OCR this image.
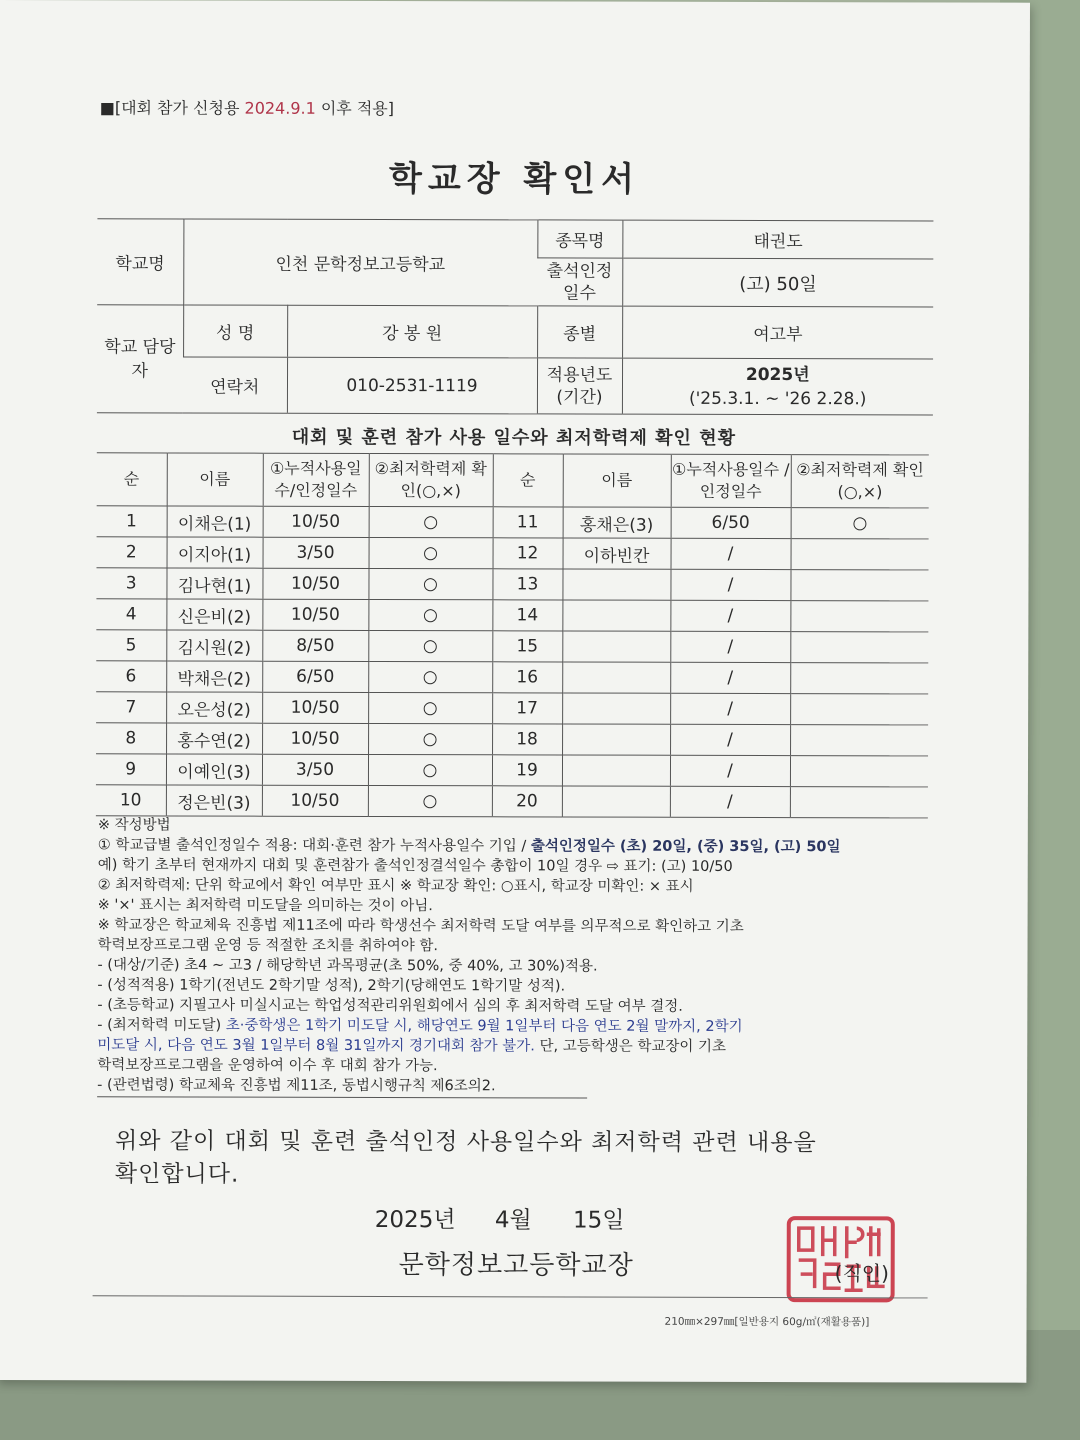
■[대회 참가 신청용 2024.9.1 이후 적용]
학교장 확인서
학교명	인천 문학정보고등학교		종목명	태권도
			출석인정 일수	(고) 50일
학교 담당자	성 명	강 봉 원	종별	여고부
	연락처	010-2531-1119	적용년도 (기간)	2025년
('25.3.1. ~ '26 2.28.)
대회 및 훈련 참가 사용 일수와 최저학력제 확인 현황
순	이름	①누적사용일 수/인정일수	②최저학력제 확인(○,×)	순	이름	①누적사용일수 /인정일수	②최저학력제 확인(○,×)
1	이채은(1)	10/50	○	11	홍채은(3)	6/50	○
2	이지아(1)	3/50	○	12	이하빈칸	/	
3	김나현(1)	10/50	○	13		/	
4	신은비(2)	10/50	○	14		/	
5	김시원(2)	8/50	○	15		/	
6	박채은(2)	6/50	○	16		/	
7	오은성(2)	10/50	○	17		/	
8	홍수연(2)	10/50	○	18		/	
9	이예인(3)	3/50	○	19		/	
10	정은빈(3)	10/50	○	20		/	
※ 작성방법
① 학교급별 출석인정일수 적용: 대회·훈련 참가 누적사용일수 기입 / 출석인정일수 (초) 20일, (중) 35일, (고) 50일
예) 학기 초부터 현재까지 대회 및 훈련참가 출석인정결석일수 총합이 10일 경우 ⇨ 표기: (고) 10/50
② 최저학력제: 단위 학교에서 확인 여부만 표시 ※ 학교장 확인: ○표시, 학교장 미확인: × 표시
※ '×' 표시는 최저학력 미도달을 의미하는 것이 아님.
※ 학교장은 학교체육 진흥법 제11조에 따라 학생선수 최저학력 도달 여부를 의무적으로 확인하고 기초
학력보장프로그램 운영 등 적절한 조치를 취하여야 함.
- (대상/기준) 초4 ~ 고3 / 해당학년 과목평균(초 50%, 중 40%, 고 30%)적용.
- (성적적용) 1학기(전년도 2학기말 성적), 2학기(당해연도 1학기말 성적).
- (초등학교) 지필고사 미실시교는 학업성적관리위원회에서 심의 후 최저학력 도달 여부 결정.
- (최저학력 미도달) 초·중학생은 1학기 미도달 시, 해당연도 9월 1일부터 다음 연도 2월 말까지, 2학기
미도달 시, 다음 연도 3월 1일부터 8월 31일까지 경기대회 참가 불가. 단, 고등학생은 학교장이 기초
학력보장프로그램을 운영하여 이수 후 대회 참가 가능.
- (관련법령) 학교체육 진흥법 제11조, 동법시행규칙 제6조의2.
위와 같이 대회 및 훈련 출석인정 사용일수와 최저학력 관련 내용을
확인합니다.
2025년 4월 15일
문학정보고등학교장	(직인)
210㎜×297㎜[일반용지 60g/㎡(재활용품)]
